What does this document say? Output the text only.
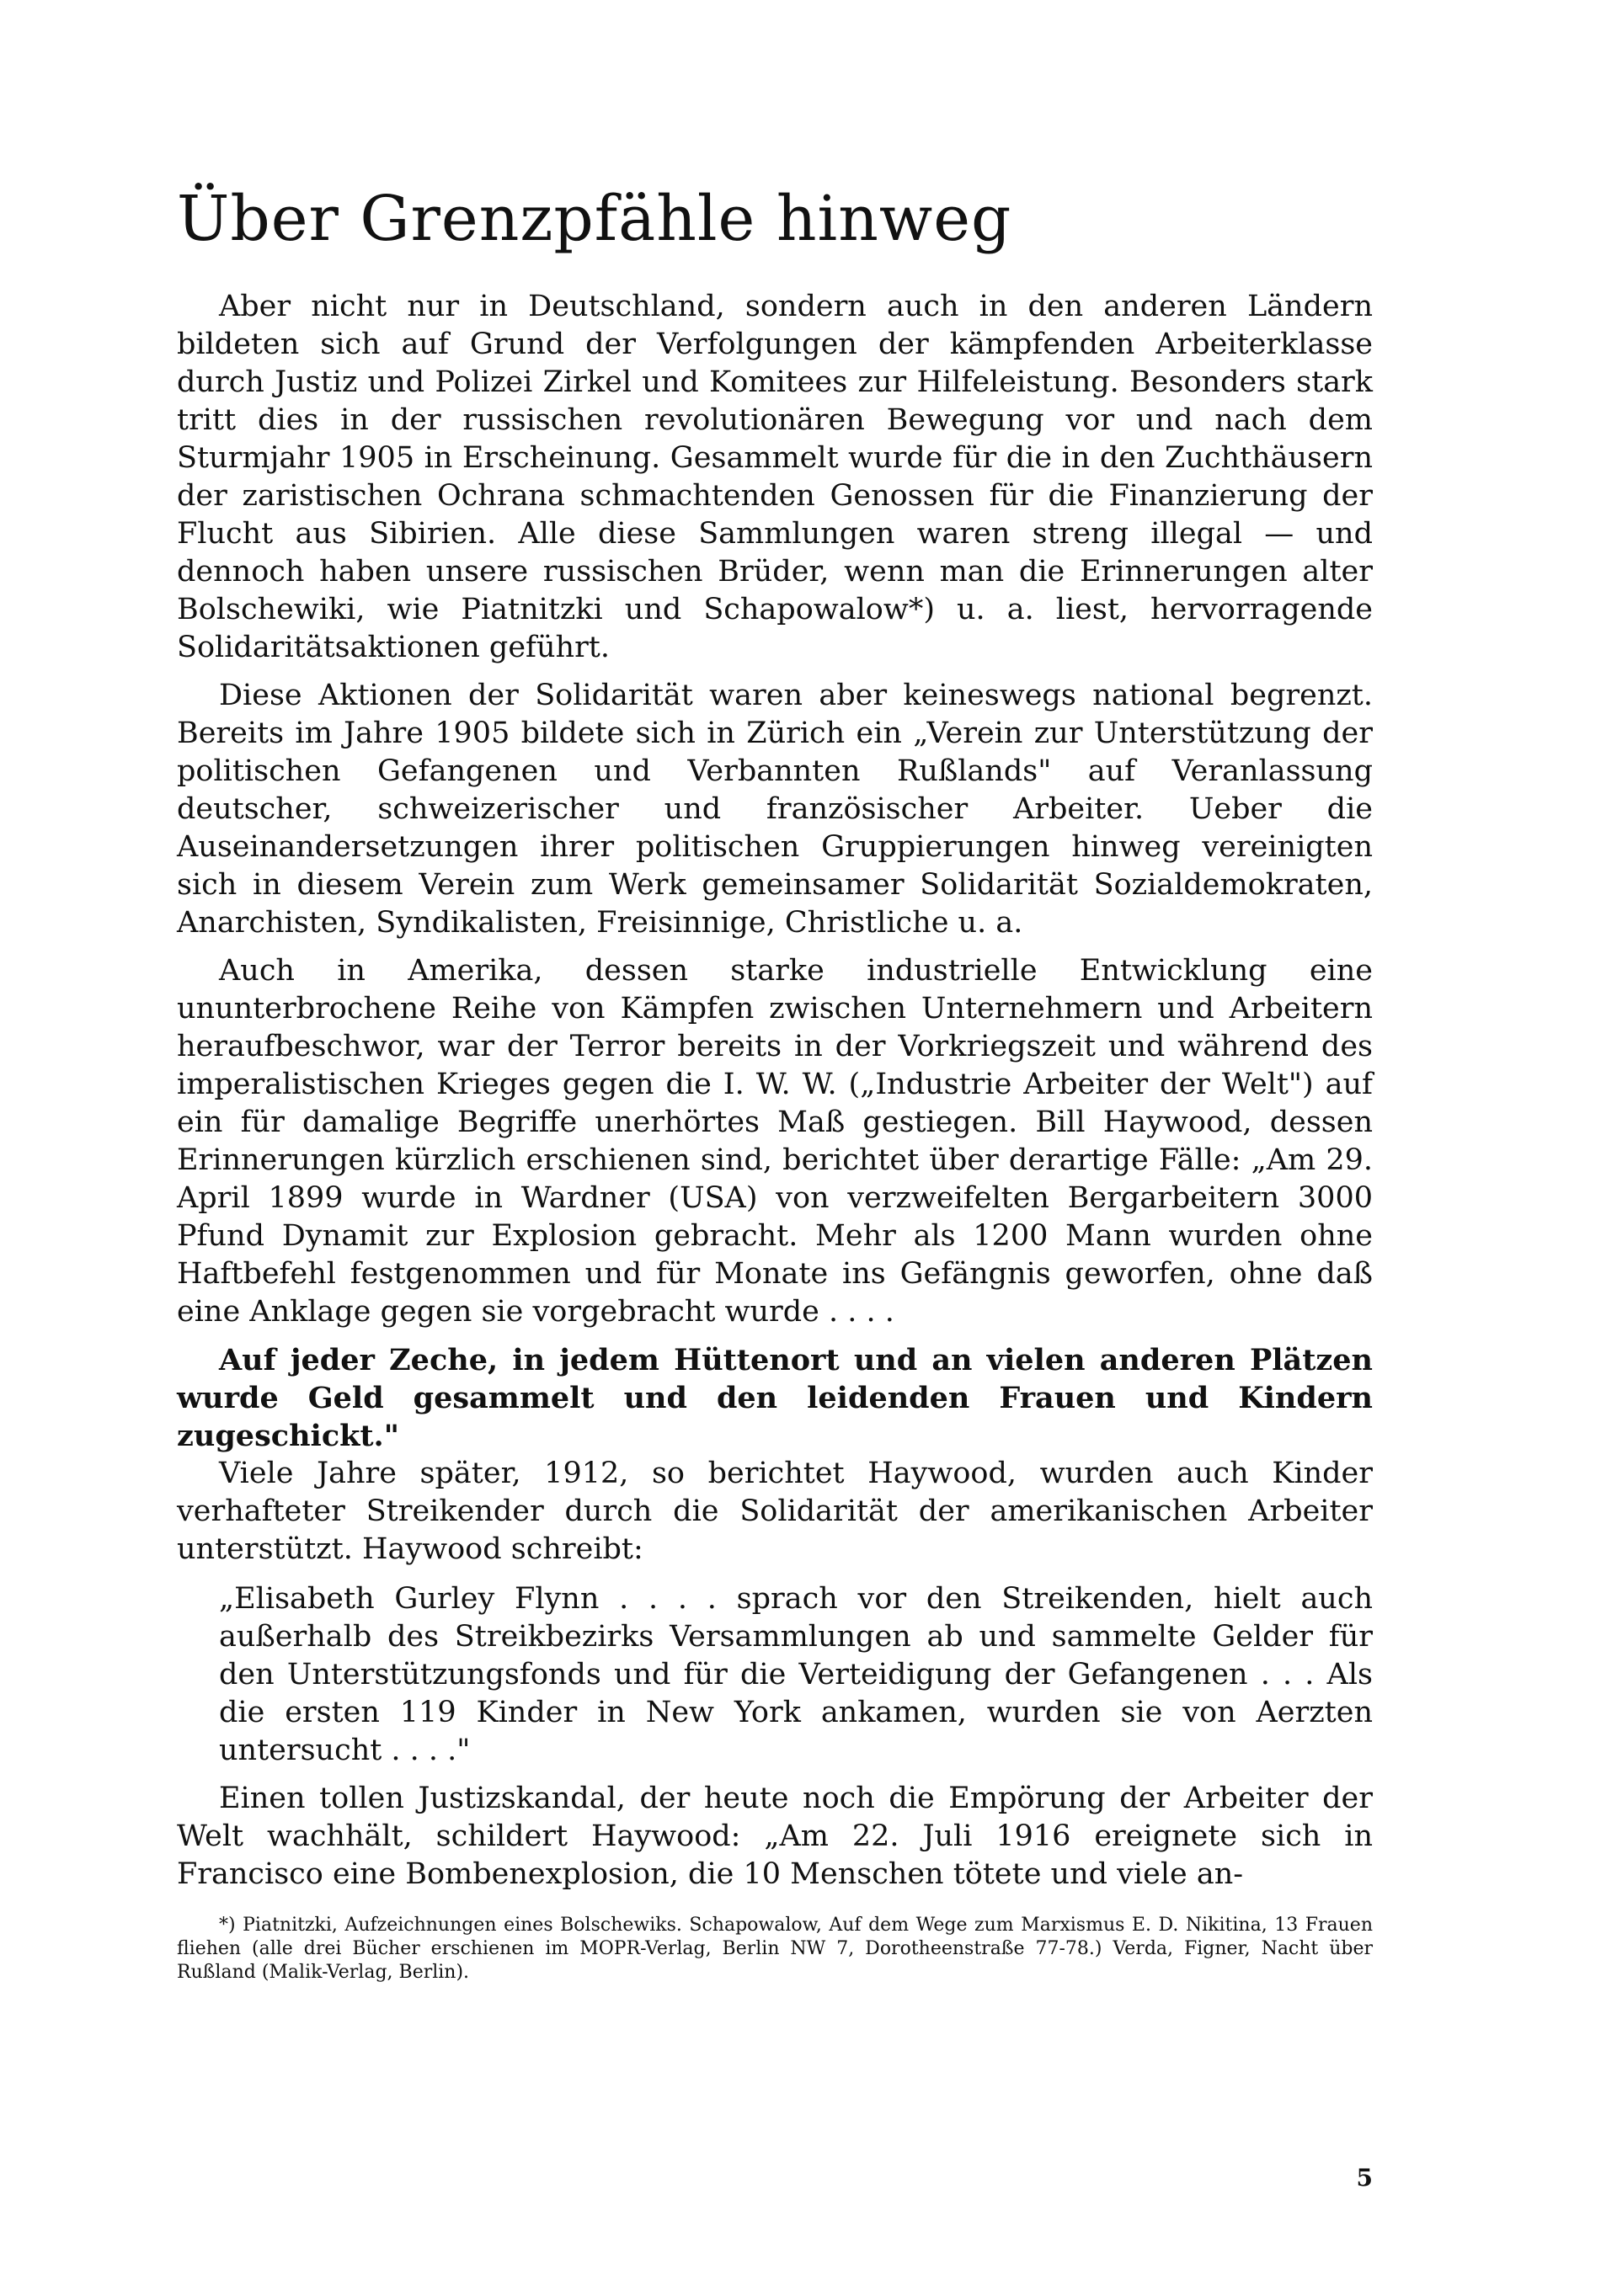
Über Grenzpfähle hinweg

Aber nicht nur in Deutschland, sondern auch in den anderen Ländern bildeten sich auf Grund der Verfolgungen der kämpfenden Arbeiterklasse durch Justiz und Polizei Zirkel und Komitees zur Hilfeleistung. Besonders stark tritt dies in der russischen revolutionären Bewegung vor und nach dem Sturmjahr 1905 in Erscheinung. Gesammelt wurde für die in den Zuchthäusern der zaristischen Ochrana schmachtenden Genossen für die Finanzierung der Flucht aus Sibirien. Alle diese Sammlungen waren streng illegal — und dennoch haben unsere russischen Brüder, wenn man die Erinnerungen alter Bolschewiki, wie Piatnitzki und Schapowalow*) u. a. liest, hervorragende Solidaritätsaktionen geführt.

Diese Aktionen der Solidarität waren aber keineswegs national begrenzt. Bereits im Jahre 1905 bildete sich in Zürich ein „Verein zur Unterstützung der politischen Gefangenen und Verbannten Rußlands" auf Veranlassung deutscher, schweizerischer und französischer Arbeiter. Ueber die Auseinandersetzungen ihrer politischen Gruppierungen hinweg vereinigten sich in diesem Verein zum Werk gemeinsamer Solidarität Sozialdemokraten, Anarchisten, Syndikalisten, Freisinnige, Christliche u. a.

Auch in Amerika, dessen starke industrielle Entwicklung eine ununterbrochene Reihe von Kämpfen zwischen Unternehmern und Arbeitern heraufbeschwor, war der Terror bereits in der Vorkriegszeit und während des imperalistischen Krieges gegen die I. W. W. („Industrie Arbeiter der Welt") auf ein für damalige Begriffe unerhörtes Maß gestiegen. Bill Haywood, dessen Erinnerungen kürzlich erschienen sind, berichtet über derartige Fälle: „Am 29. April 1899 wurde in Wardner (USA) von verzweifelten Bergarbeitern 3000 Pfund Dynamit zur Explosion gebracht. Mehr als 1200 Mann wurden ohne Haftbefehl festgenommen und für Monate ins Gefängnis geworfen, ohne daß eine Anklage gegen sie vorgebracht wurde . . . .

Auf jeder Zeche, in jedem Hüttenort und an vielen anderen Plätzen wurde Geld gesammelt und den leidenden Frauen und Kindern zugeschickt."

Viele Jahre später, 1912, so berichtet Haywood, wurden auch Kinder verhafteter Streikender durch die Solidarität der amerikanischen Arbeiter unterstützt. Haywood schreibt:

„Elisabeth Gurley Flynn . . . . sprach vor den Streikenden, hielt auch außerhalb des Streikbezirks Versammlungen ab und sammelte Gelder für den Unterstützungsfonds und für die Verteidigung der Gefangenen . . . Als die ersten 119 Kinder in New York ankamen, wurden sie von Aerzten untersucht . . . ."

Einen tollen Justizskandal, der heute noch die Empörung der Arbeiter der Welt wachhält, schildert Haywood: „Am 22. Juli 1916 ereignete sich in Francisco eine Bombenexplosion, die 10 Menschen tötete und viele an-

*) Piatnitzki, Aufzeichnungen eines Bolschewiks. Schapowalow, Auf dem Wege zum Marxismus E. D. Nikitina, 13 Frauen fliehen (alle drei Bücher erschienen im MOPR-Verlag, Berlin NW 7, Dorotheenstraße 77-78.) Verda, Figner, Nacht über Rußland (Malik-Verlag, Berlin).
5
